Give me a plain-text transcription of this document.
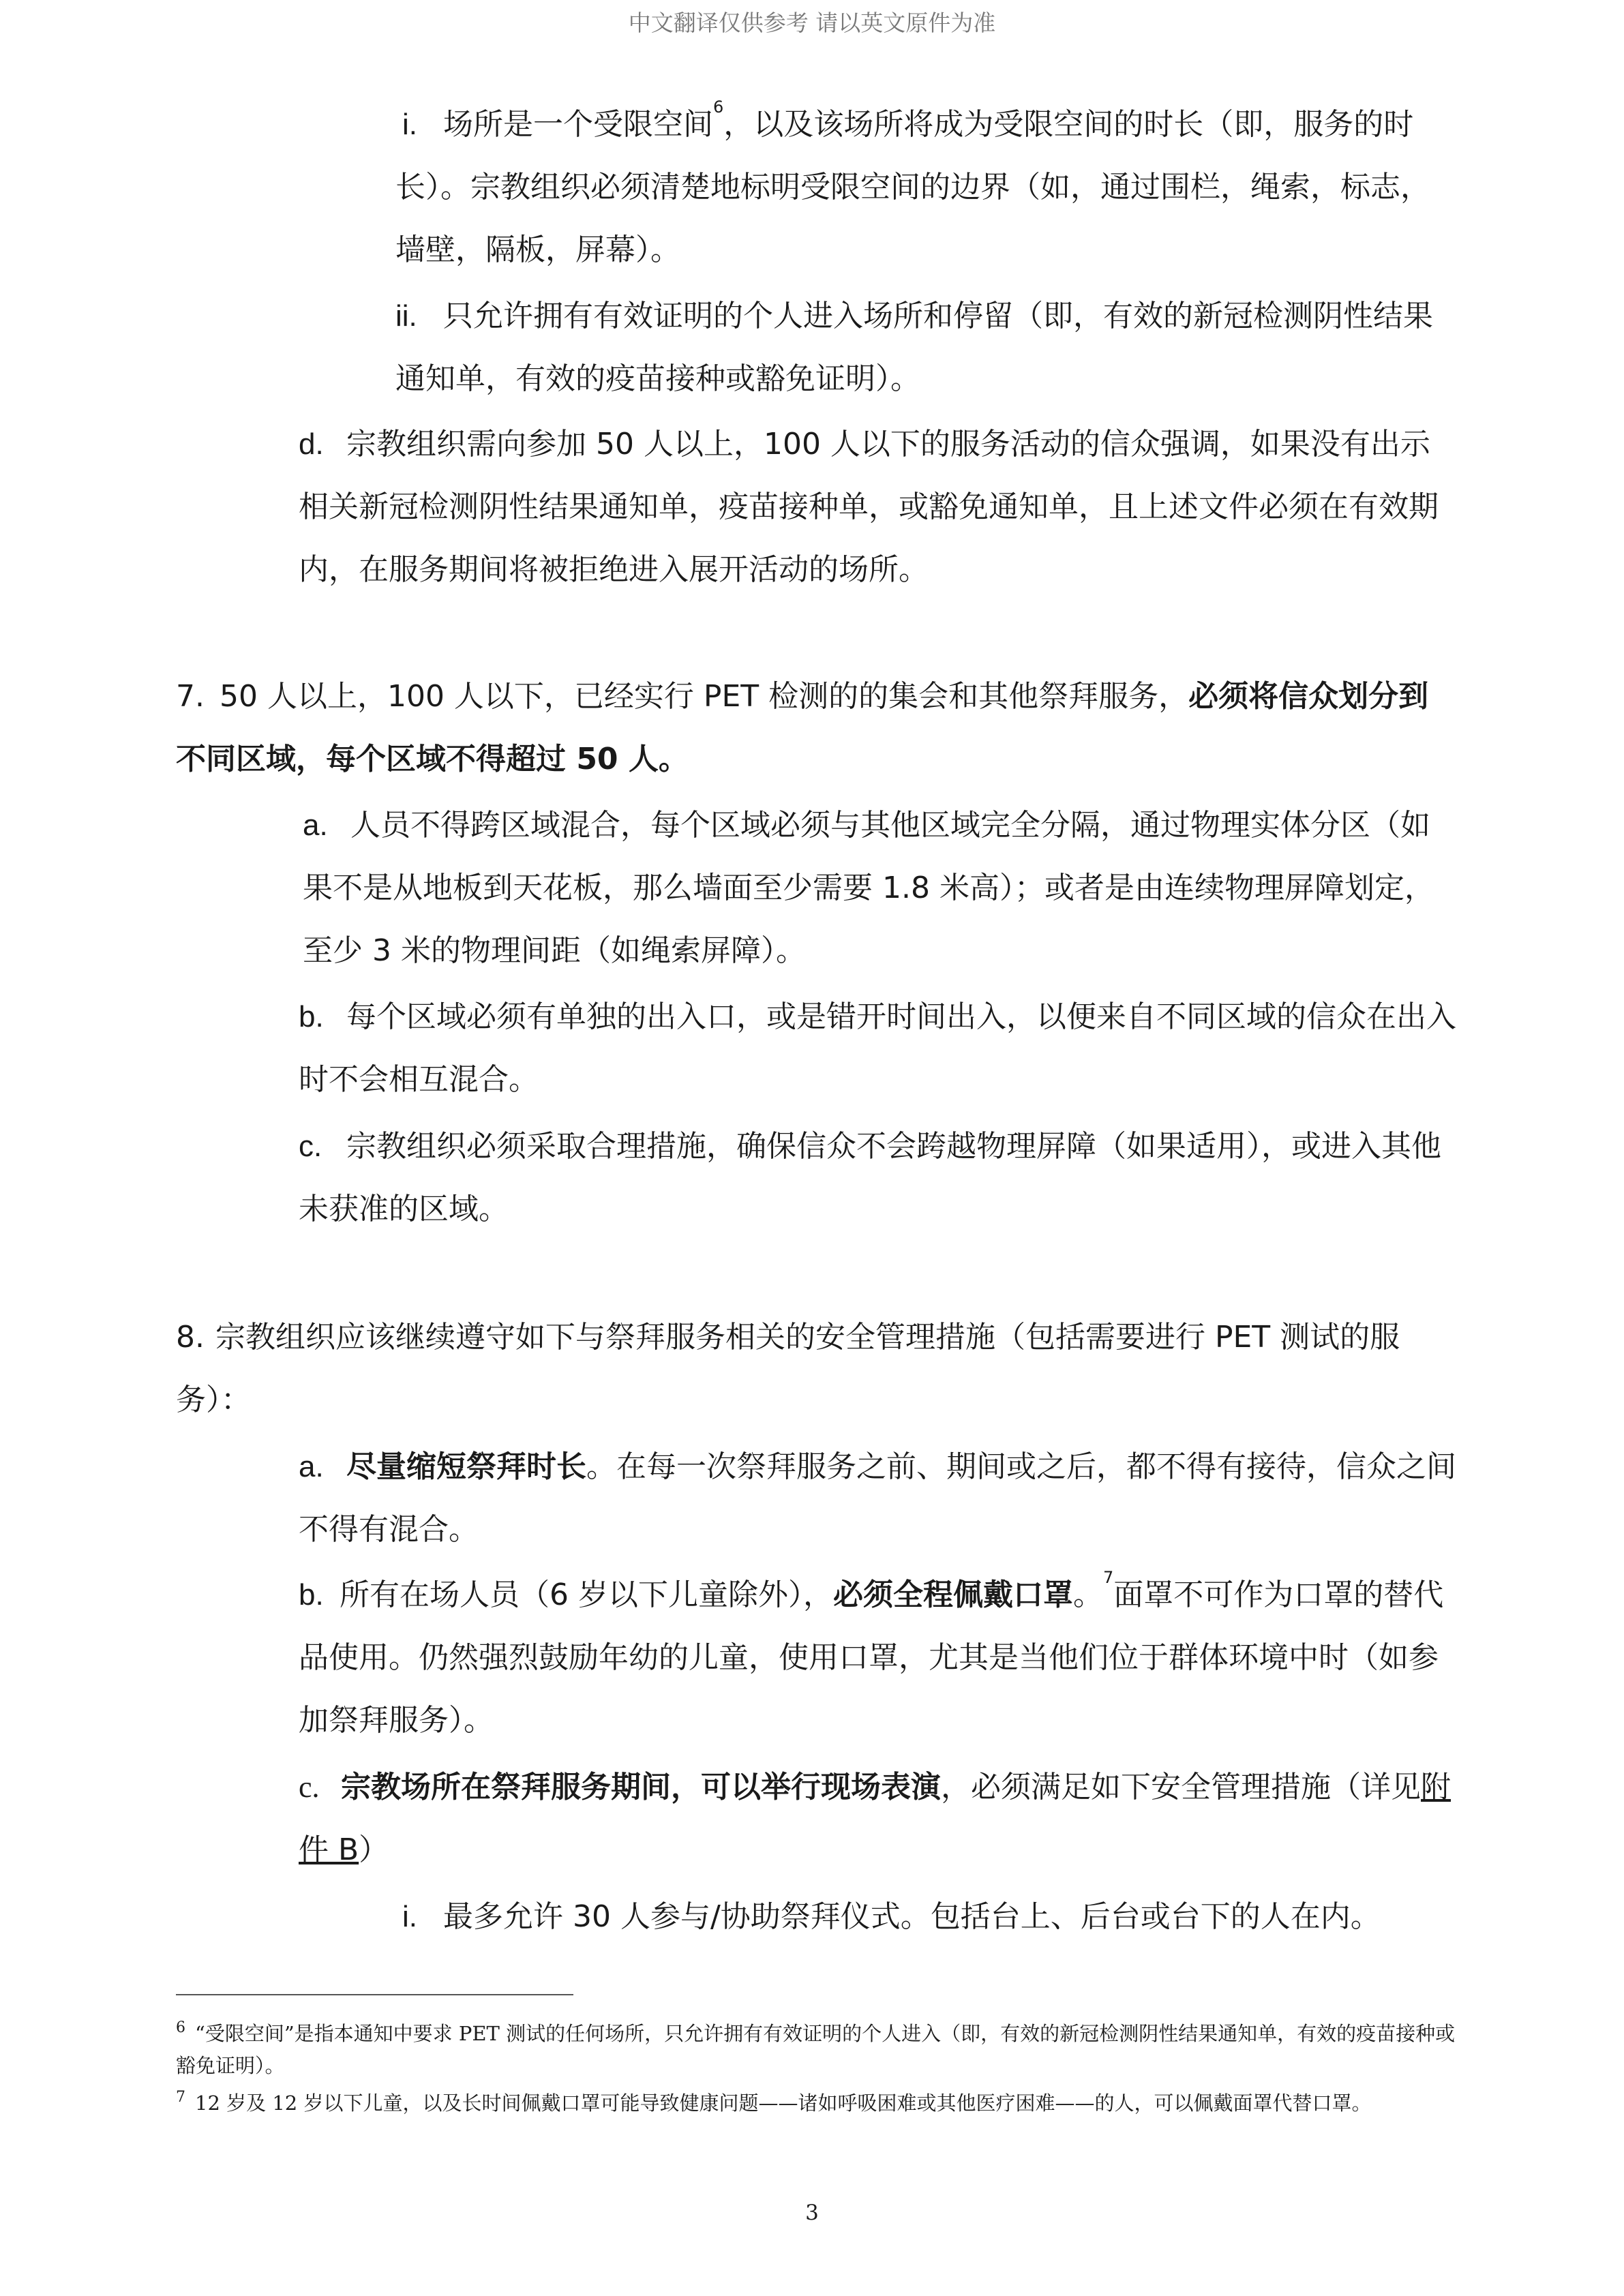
中文翻译仅供参考 请以英文原件为准
i. 场所是一个受限空间$^6$，以及该场所将成为受限空间的时长（即，服务的时长）。宗教组织必须清楚地标明受限空间的边界（如，通过围栏，绳索，标志，墙壁，隔板，屏幕）。
ii. 只允许拥有有效证明的个人进入场所和停留（即，有效的新冠检测阴性结果通知单，有效的疫苗接种或豁免证明）。
d. 宗教组织需向参加 50 人以上，100 人以下的服务活动的信众强调，如果没有出示相关新冠检测阴性结果通知单，疫苗接种单，或豁免通知单，且上述文件必须在有效期内，在服务期间将被拒绝进入展开活动的场所。
7. 50 人以上，100 人以下，已经实行 PET 检测的的集会和其他祭拜服务，必须将信众划分到不同区域，每个区域不得超过 50 人。
a. 人员不得跨区域混合，每个区域必须与其他区域完全分隔，通过物理实体分区（如果不是从地板到天花板，那么墙面至少需要 1.8 米高）；或者是由连续物理屏障划定，至少 3 米的物理间距（如绳索屏障）。
b. 每个区域必须有单独的出入口，或是错开时间出入，以便来自不同区域的信众在出入时不会相互混合。
c. 宗教组织必须采取合理措施，确保信众不会跨越物理屏障（如果适用），或进入其他未获准的区域。
8. 宗教组织应该继续遵守如下与祭拜服务相关的安全管理措施（包括需要进行 PET 测试的服务）：
a. 尽量缩短祭拜时长。在每一次祭拜服务之前、期间或之后，都不得有接待，信众之间不得有混合。
b. 所有在场人员（6 岁以下儿童除外），必须全程佩戴口罩。$^7$面罩不可作为口罩的替代品使用。仍然强烈鼓励年幼的儿童，使用口罩，尤其是当他们位于群体环境中时（如参加祭拜服务）。
c. 宗教场所在祭拜服务期间，可以举行现场表演，必须满足如下安全管理措施（详见附件 B）
i. 最多允许 30 人参与/协助祭拜仪式。包括台上、后台或台下的人在内。

$^6$ “受限空间”是指本通知中要求 PET 测试的任何场所，只允许拥有有效证明的个人进入（即，有效的新冠检测阴性结果通知单，有效的疫苗接种或豁免证明）。

$^7$ 12 岁及 12 岁以下儿童，以及长时间佩戴口罩可能导致健康问题——诸如呼吸困难或其他医疗困难——的人，可以佩戴面罩代替口罩。

3
